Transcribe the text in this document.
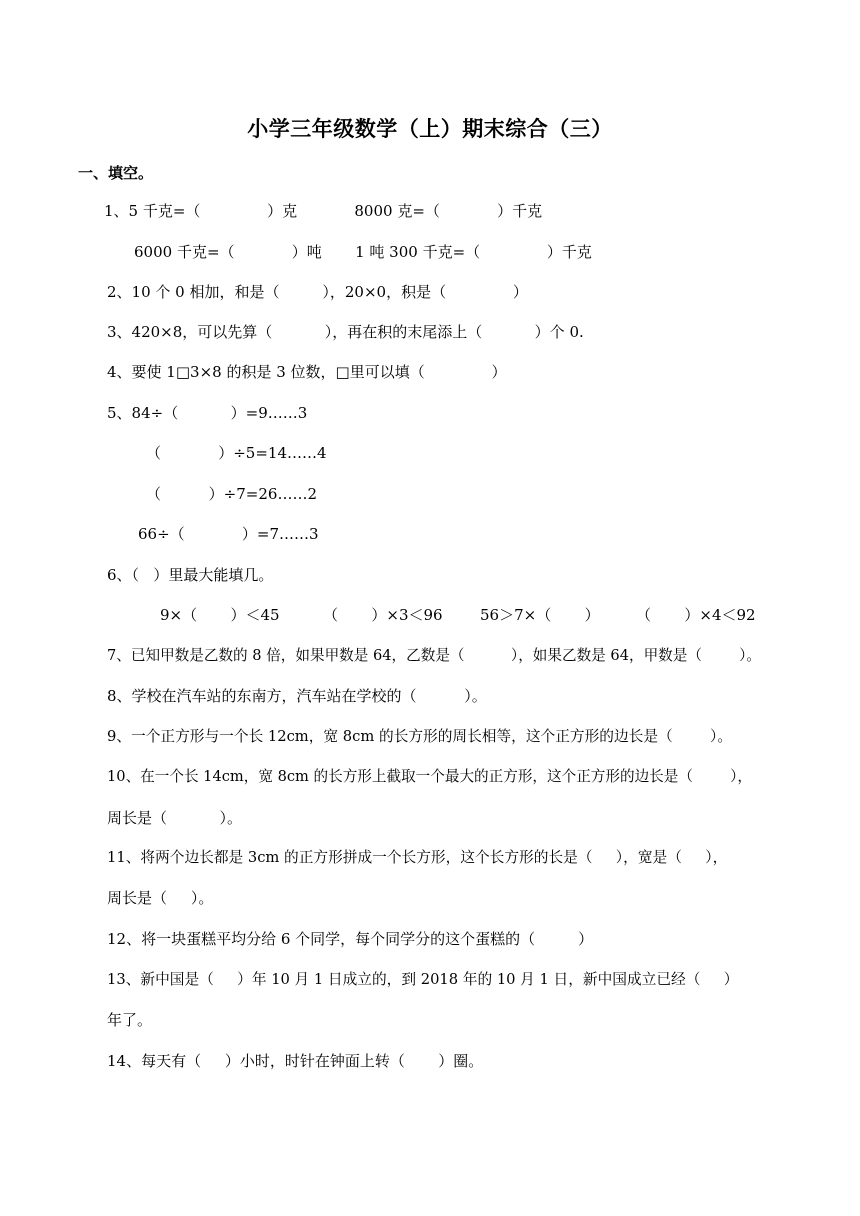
小学三年级数学（上）期末综合（三）
一、填空。
1、5 千克=（              ）克            8000 克=（            ）千克
6000 千克=（            ）吨       1 吨 300 千克=（              ）千克
2、10 个 0 相加，和是（         ），20×0，积是（              ）
3、420×8，可以先算（           ），再在积的末尾添上（           ）个 0.
4、要使 1□3×8 的积是 3 位数，□里可以填（              ）
5、84÷（           ）=9……3
（            ）÷5=14……4
（          ）÷7=26……2
66÷（            ）=7……3
6、（   ）里最大能填几。
9×（       ）＜45	（       ）×3＜96 56＞7×（       ） （       ）×4＜92
7、已知甲数是乙数的 8 倍，如果甲数是 64，乙数是（          ），如果乙数是 64，甲数是（        ）。
8、学校在汽车站的东南方，汽车站在学校的（          ）。
9、一个正方形与一个长 12cm，宽 8cm 的长方形的周长相等，这个正方形的边长是（        ）。
10、在一个长 14cm，宽 8cm 的长方形上截取一个最大的正方形，这个正方形的边长是（        ），
周长是（           ）。
11、将两个边长都是 3cm 的正方形拼成一个长方形，这个长方形的长是（     ），宽是（     ），
周长是（     ）。
12、将一块蛋糕平均分给 6 个同学，每个同学分的这个蛋糕的（         ）
13、新中国是（     ）年 10 月 1 日成立的，到 2018 年的 10 月 1 日，新中国成立已经（     ）
年了。
14、每天有（     ）小时，时针在钟面上转（       ）圈。
